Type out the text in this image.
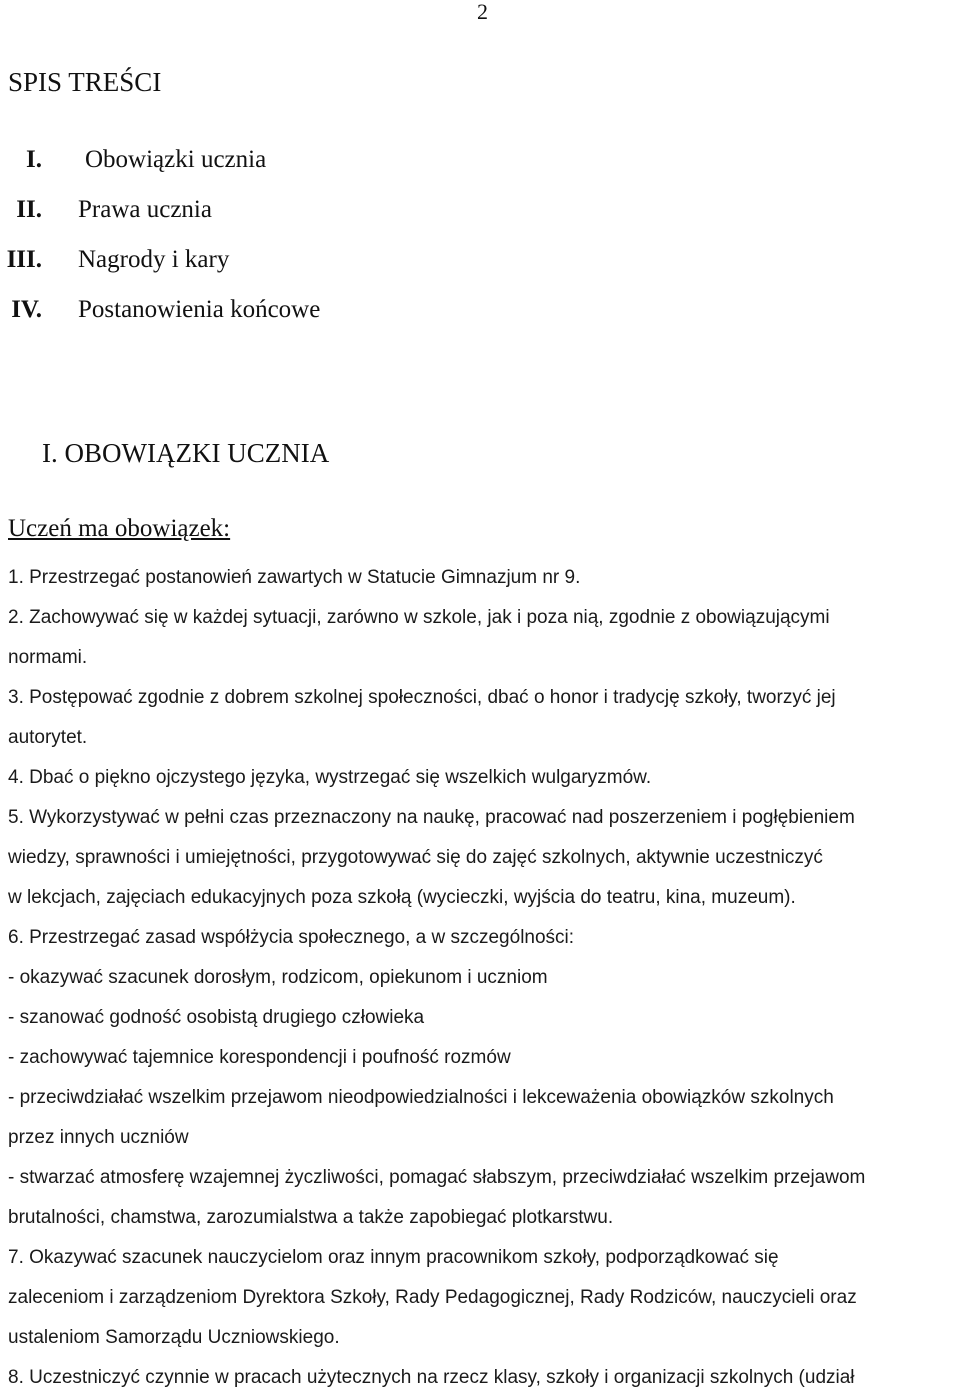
2
SPIS TREŚCI
I. Obowiązki ucznia
II. Prawa ucznia
III. Nagrody i kary
IV. Postanowienia końcowe
I. OBOWIĄZKI UCZNIA
Uczeń ma obowiązek:
1. Przestrzegać postanowień zawartych w Statucie Gimnazjum nr 9.
2. Zachowywać się w każdej sytuacji, zarówno w szkole, jak i poza nią, zgodnie z obowiązującymi
normami.
3. Postępować zgodnie z dobrem szkolnej społeczności, dbać o honor i tradycję szkoły, tworzyć jej
autorytet.
4. Dbać o piękno ojczystego języka, wystrzegać się wszelkich wulgaryzmów.
5. Wykorzystywać w pełni czas przeznaczony na naukę, pracować nad poszerzeniem i pogłębieniem
wiedzy, sprawności i umiejętności, przygotowywać się do zajęć szkolnych, aktywnie uczestniczyć
w lekcjach, zajęciach edukacyjnych poza szkołą (wycieczki, wyjścia do teatru, kina, muzeum).
6. Przestrzegać zasad współżycia społecznego, a w szczególności:
- okazywać szacunek dorosłym, rodzicom, opiekunom i uczniom
- szanować godność osobistą drugiego człowieka
- zachowywać tajemnice korespondencji i poufność rozmów
- przeciwdziałać wszelkim przejawom nieodpowiedzialności i lekceważenia obowiązków szkolnych
przez innych uczniów
- stwarzać atmosferę wzajemnej życzliwości, pomagać słabszym, przeciwdziałać wszelkim przejawom
brutalności, chamstwa, zarozumialstwa a także zapobiegać plotkarstwu.
7. Okazywać szacunek nauczycielom oraz innym pracownikom szkoły, podporządkować się
zaleceniom i zarządzeniom Dyrektora Szkoły, Rady Pedagogicznej, Rady Rodziców, nauczycieli oraz
ustaleniom Samorządu Uczniowskiego.
8. Uczestniczyć czynnie w pracach użytecznych na rzecz klasy, szkoły i organizacji szkolnych (udział
